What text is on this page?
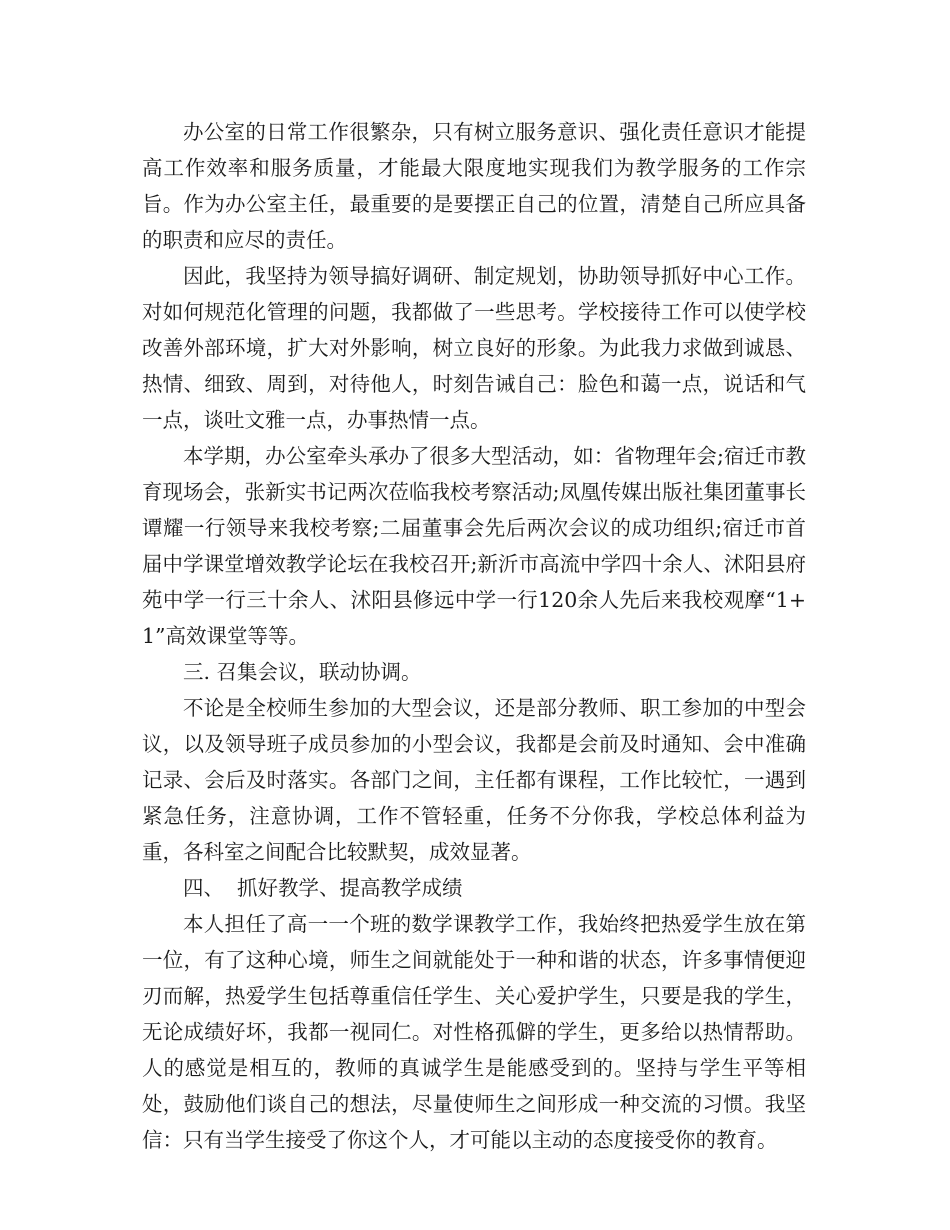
办公室的日常工作很繁杂，只有树立服务意识、强化责任意识才能提高工作效率和服务质量，才能最大限度地实现我们为教学服务的工作宗旨。作为办公室主任，最重要的是要摆正自己的位置，清楚自己所应具备的职责和应尽的责任。

因此，我坚持为领导搞好调研、制定规划，协助领导抓好中心工作。对如何规范化管理的问题，我都做了一些思考。学校接待工作可以使学校改善外部环境，扩大对外影响，树立良好的形象。为此我力求做到诚恳、热情、细致、周到，对待他人，时刻告诫自己：脸色和蔼一点，说话和气一点，谈吐文雅一点，办事热情一点。

本学期，办公室牵头承办了很多大型活动，如：省物理年会;宿迁市教育现场会，张新实书记两次莅临我校考察活动;凤凰传媒出版社集团董事长谭耀一行领导来我校考察;二届董事会先后两次会议的成功组织;宿迁市首届中学课堂增效教学论坛在我校召开;新沂市高流中学四十余人、沭阳县府苑中学一行三十余人、沭阳县修远中学一行120余人先后来我校观摩“1+1”高效课堂等等。

三. 召集会议，联动协调。

不论是全校师生参加的大型会议，还是部分教师、职工参加的中型会议，以及领导班子成员参加的小型会议，我都是会前及时通知、会中准确记录、会后及时落实。各部门之间，主任都有课程，工作比较忙，一遇到紧急任务，注意协调，工作不管轻重，任务不分你我，学校总体利益为重，各科室之间配合比较默契，成效显著。

四、  抓好教学、提高教学成绩

本人担任了高一一个班的数学课教学工作，我始终把热爱学生放在第一位，有了这种心境，师生之间就能处于一种和谐的状态，许多事情便迎刃而解，热爱学生包括尊重信任学生、关心爱护学生，只要是我的学生，无论成绩好坏，我都一视同仁。对性格孤僻的学生，更多给以热情帮助。人的感觉是相互的，教师的真诚学生是能感受到的。坚持与学生平等相处，鼓励他们谈自己的想法，尽量使师生之间形成一种交流的习惯。我坚信：只有当学生接受了你这个人，才可能以主动的态度接受你的教育。
